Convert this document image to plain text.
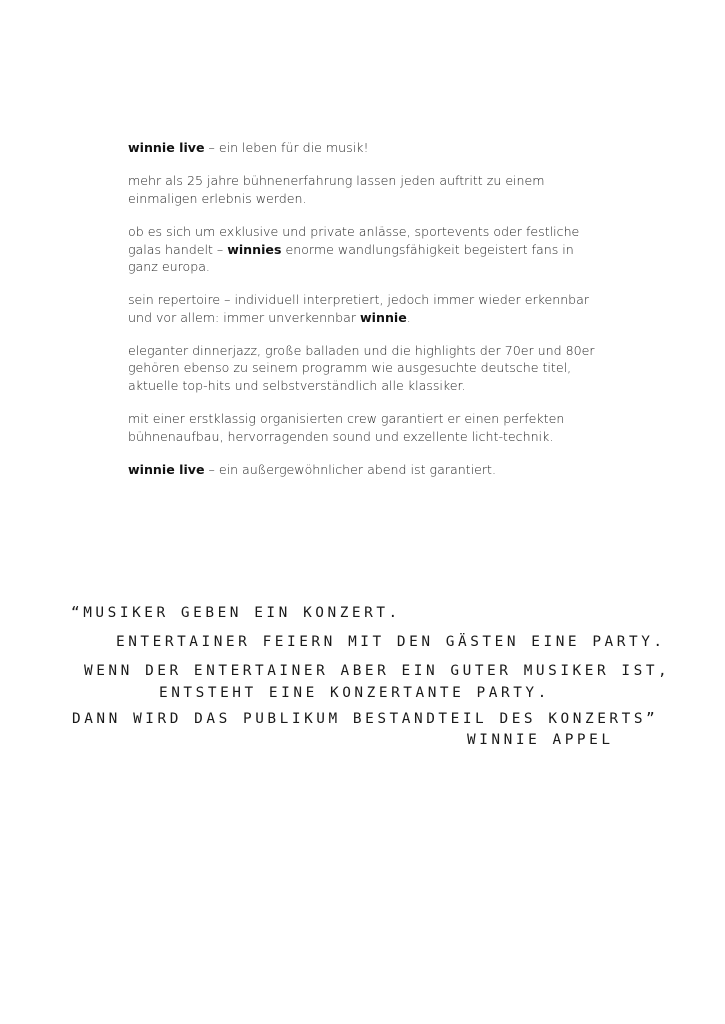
winnie live – ein leben für die musik!

mehr als 25 jahre bühnenerfahrung lassen jeden auftritt zu einem
einmaligen erlebnis werden.

ob es sich um exklusive und private anlässe, sportevents oder festliche
galas handelt – winnies enorme wandlungsfähigkeit begeistert fans in
ganz europa.

sein repertoire – individuell interpretiert, jedoch immer wieder erkennbar
und vor allem: immer unverkennbar winnie.

eleganter dinnerjazz, große balladen und die highlights der 70er und 80er
gehören ebenso zu seinem programm wie ausgesuchte deutsche titel,
aktuelle top-hits und selbstverständlich alle klassiker.

mit einer erstklassig organisierten crew garantiert er einen perfekten
bühnenaufbau, hervorragenden sound und exzellente licht-technik.

winnie live – ein außergewöhnlicher abend ist garantiert.

“MUSIKER GEBEN EIN KONZERT.

ENTERTAINER FEIERN MIT DEN GÄSTEN EINE PARTY.

WENN DER ENTERTAINER ABER EIN GUTER MUSIKER IST,

ENTSTEHT EINE KONZERTANTE PARTY.

DANN WIRD DAS PUBLIKUM BESTANDTEIL DES KONZERTS”

WINNIE APPEL
